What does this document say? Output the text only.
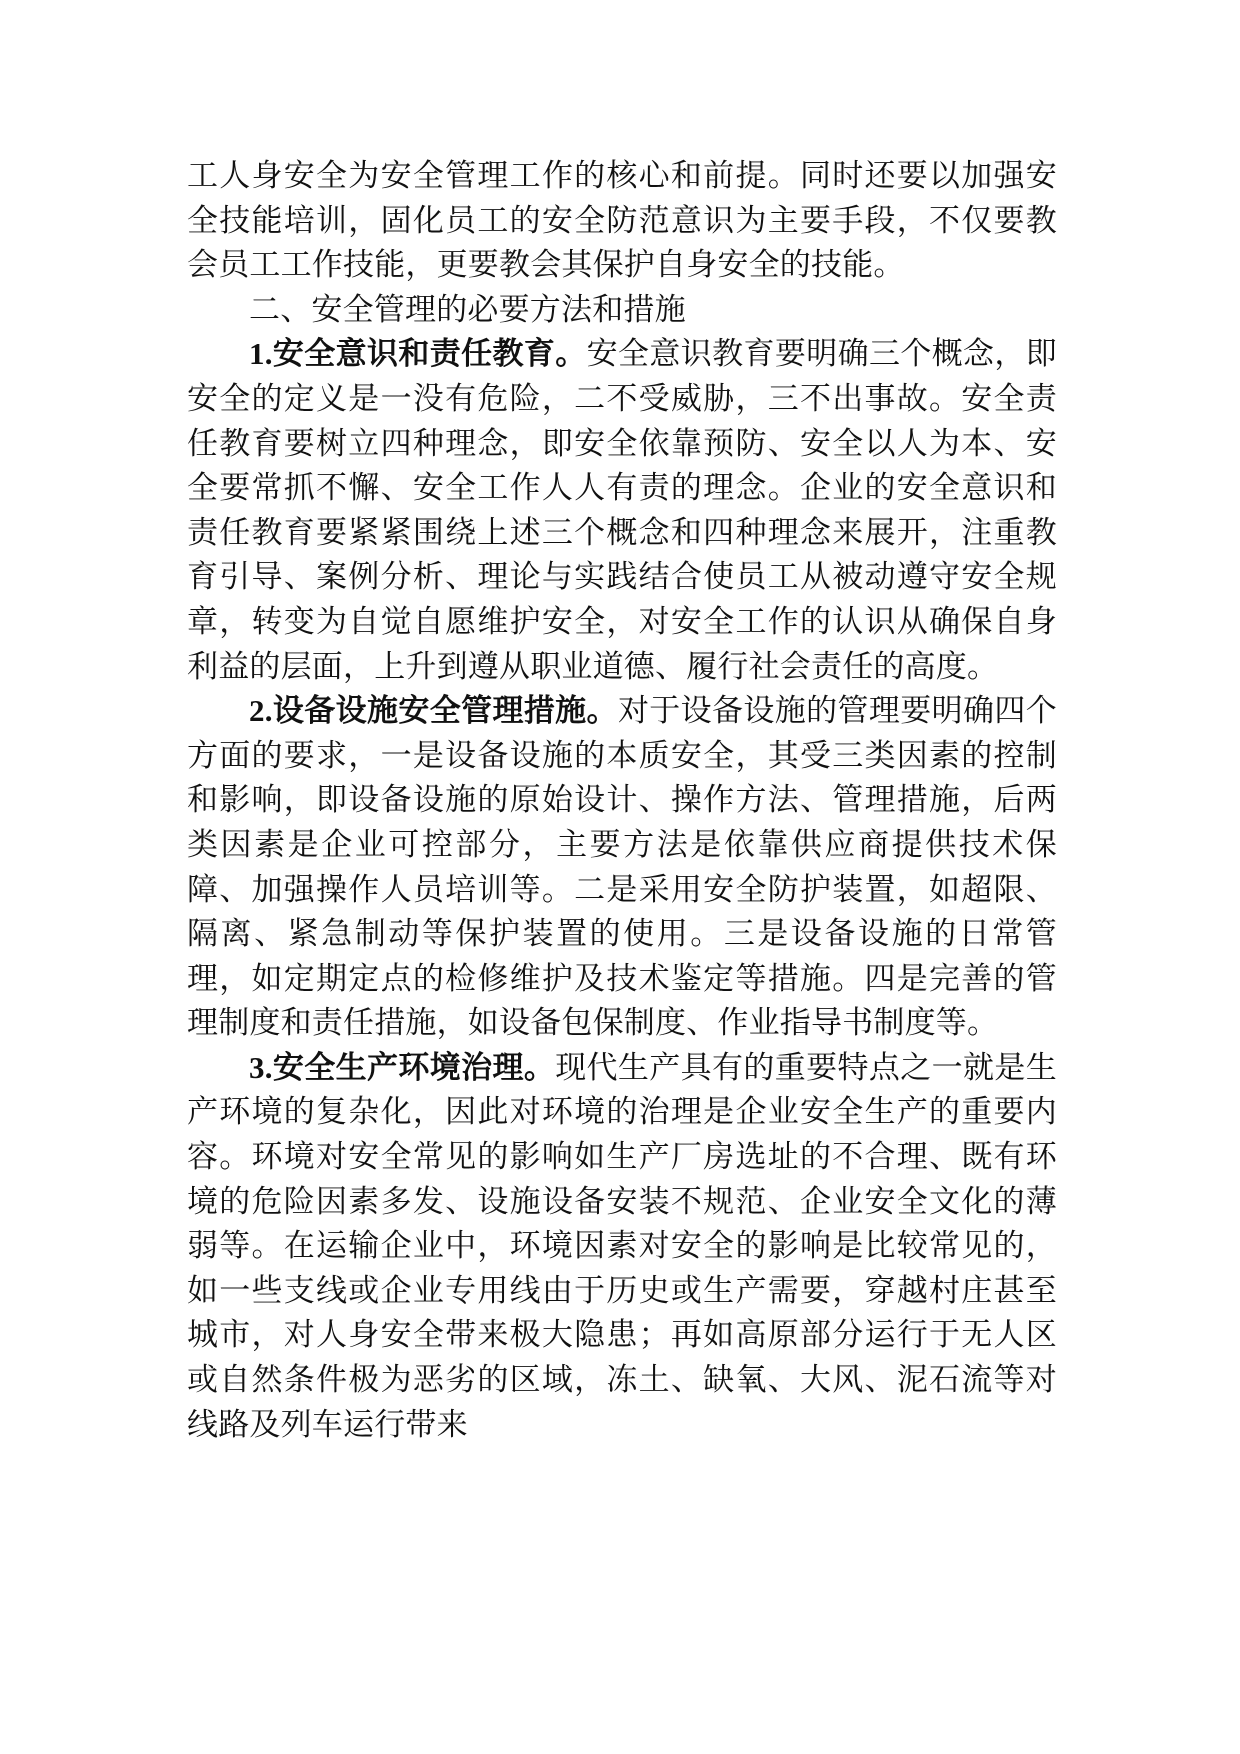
工人身安全为安全管理工作的核心和前提。同时还要以加强安全技能培训，固化员工的安全防范意识为主要手段，不仅要教会员工工作技能，更要教会其保护自身安全的技能。

二、安全管理的必要方法和措施

1.安全意识和责任教育。安全意识教育要明确三个概念，即安全的定义是一没有危险，二不受威胁，三不出事故。安全责任教育要树立四种理念，即安全依靠预防、安全以人为本、安全要常抓不懈、安全工作人人有责的理念。企业的安全意识和责任教育要紧紧围绕上述三个概念和四种理念来展开，注重教育引导、案例分析、理论与实践结合使员工从被动遵守安全规章，转变为自觉自愿维护安全，对安全工作的认识从确保自身利益的层面，上升到遵从职业道德、履行社会责任的高度。

2.设备设施安全管理措施。对于设备设施的管理要明确四个方面的要求，一是设备设施的本质安全，其受三类因素的控制和影响，即设备设施的原始设计、操作方法、管理措施，后两类因素是企业可控部分，主要方法是依靠供应商提供技术保障、加强操作人员培训等。二是采用安全防护装置，如超限、隔离、紧急制动等保护装置的使用。三是设备设施的日常管理，如定期定点的检修维护及技术鉴定等措施。四是完善的管理制度和责任措施，如设备包保制度、作业指导书制度等。

3.安全生产环境治理。现代生产具有的重要特点之一就是生产环境的复杂化，因此对环境的治理是企业安全生产的重要内容。环境对安全常见的影响如生产厂房选址的不合理、既有环境的危险因素多发、设施设备安装不规范、企业安全文化的薄弱等。在运输企业中，环境因素对安全的影响是比较常见的，如一些支线或企业专用线由于历史或生产需要，穿越村庄甚至城市，对人身安全带来极大隐患；再如高原部分运行于无人区或自然条件极为恶劣的区域，冻土、缺氧、大风、泥石流等对线路及列车运行带来
